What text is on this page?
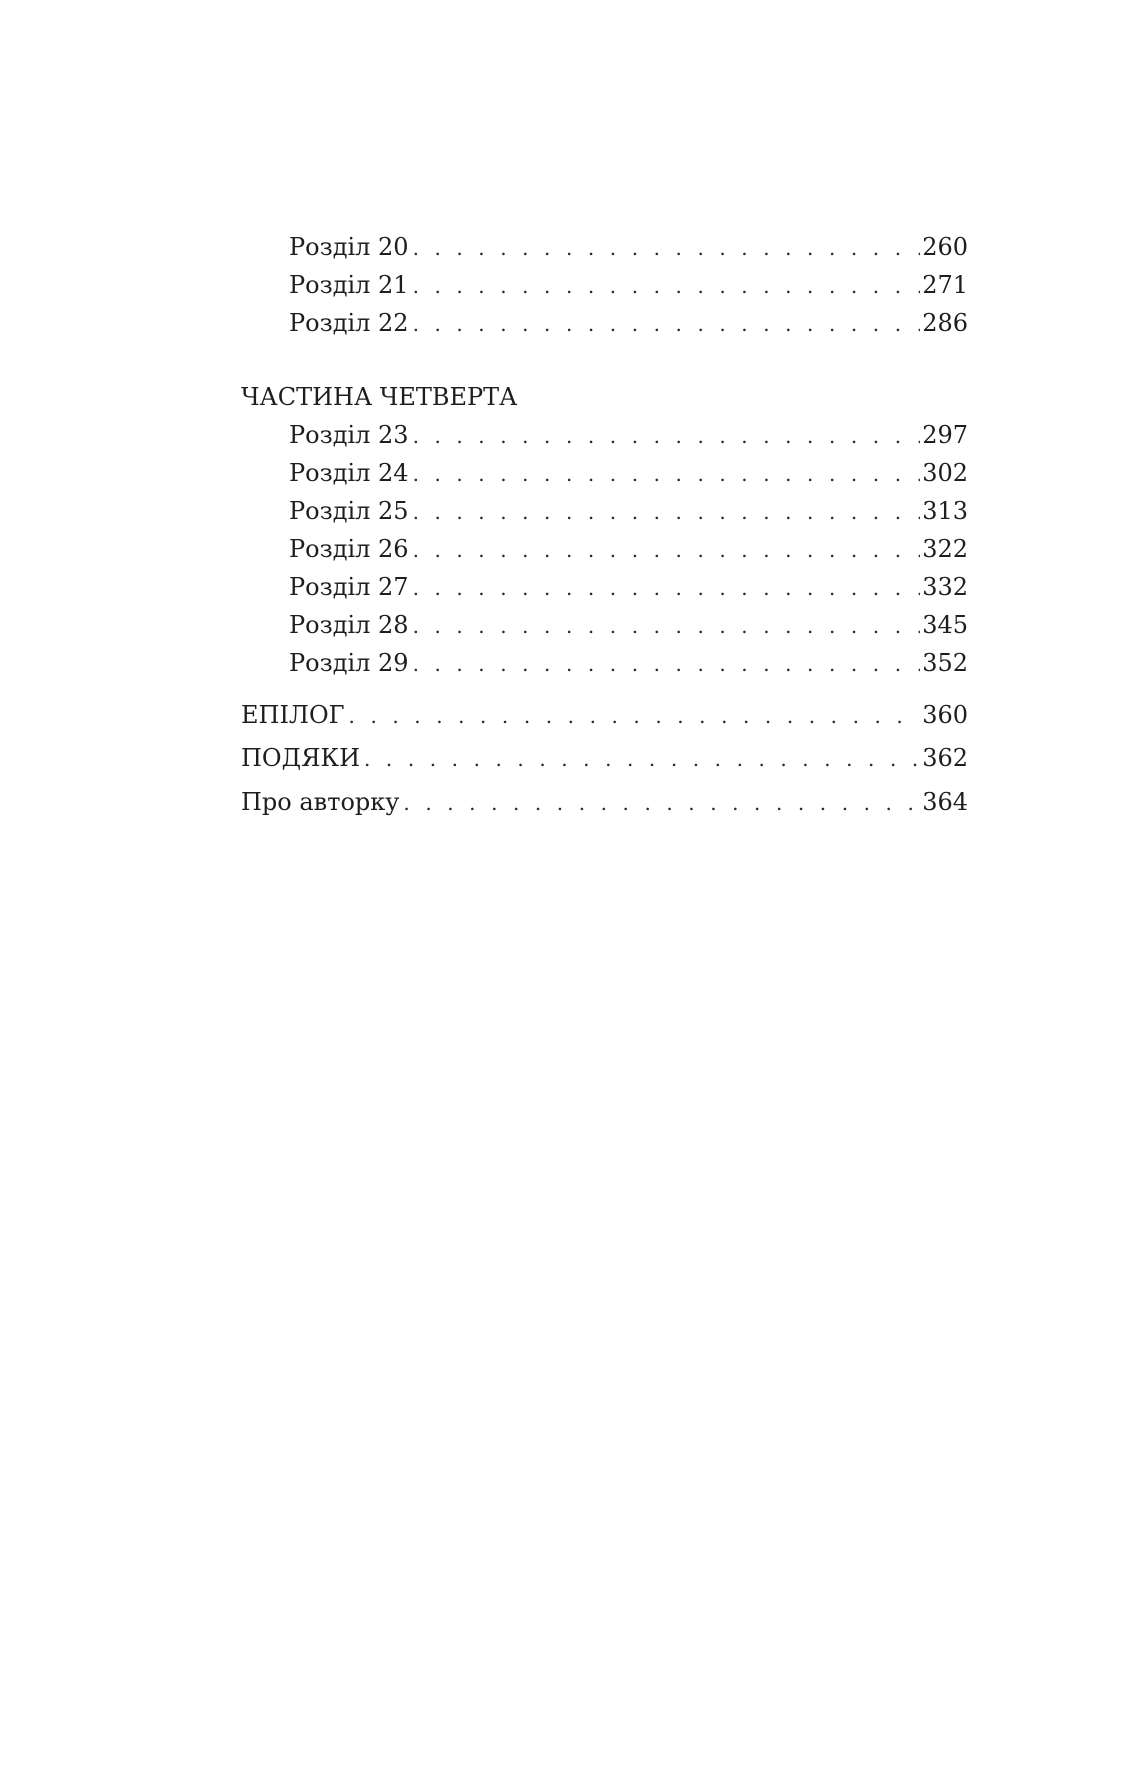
Розділ 20 . . .	260
Розділ 21 . . .	271
Розділ 22 . . .	286
ЧАСТИНА ЧЕТВЕРТА
Розділ 23 . . .	297
Розділ 24 . . .	302
Розділ 25 . . .	313
Розділ 26 . . .	322
Розділ 27 . . .	332
Розділ 28 . . .	345
Розділ 29 . . .	352
ЕПІЛОГ . . .	360
ПОДЯКИ . . .	362
Про авторку . . .	364
